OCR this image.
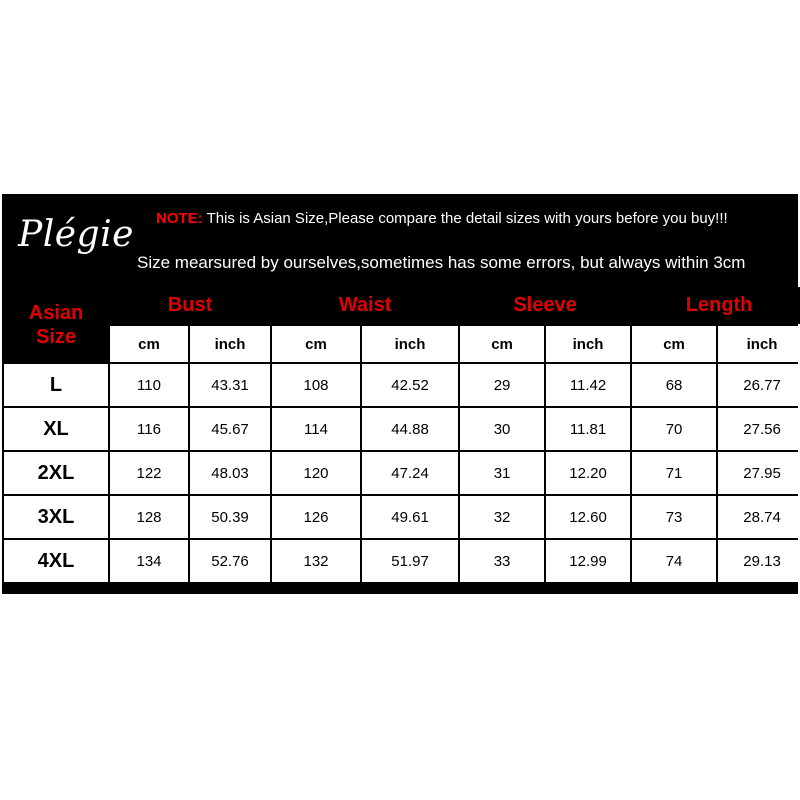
Plégie NOTE: This is Asian Size,Please compare the detail sizes with yours before you buy!!!
Size mearsured by ourselves,sometimes has some errors, but always within 3cm
Asian
Size	Bust		Waist		Sleeve		Length	
	cm	inch	cm	inch	cm	inch	cm	inch
L	110	43.31	108	42.52	29	11.42	68	26.77
XL	116	45.67	114	44.88	30	11.81	70	27.56
2XL	122	48.03	120	47.24	31	12.20	71	27.95
3XL	128	50.39	126	49.61	32	12.60	73	28.74
4XL	134	52.76	132	51.97	33	12.99	74	29.13
